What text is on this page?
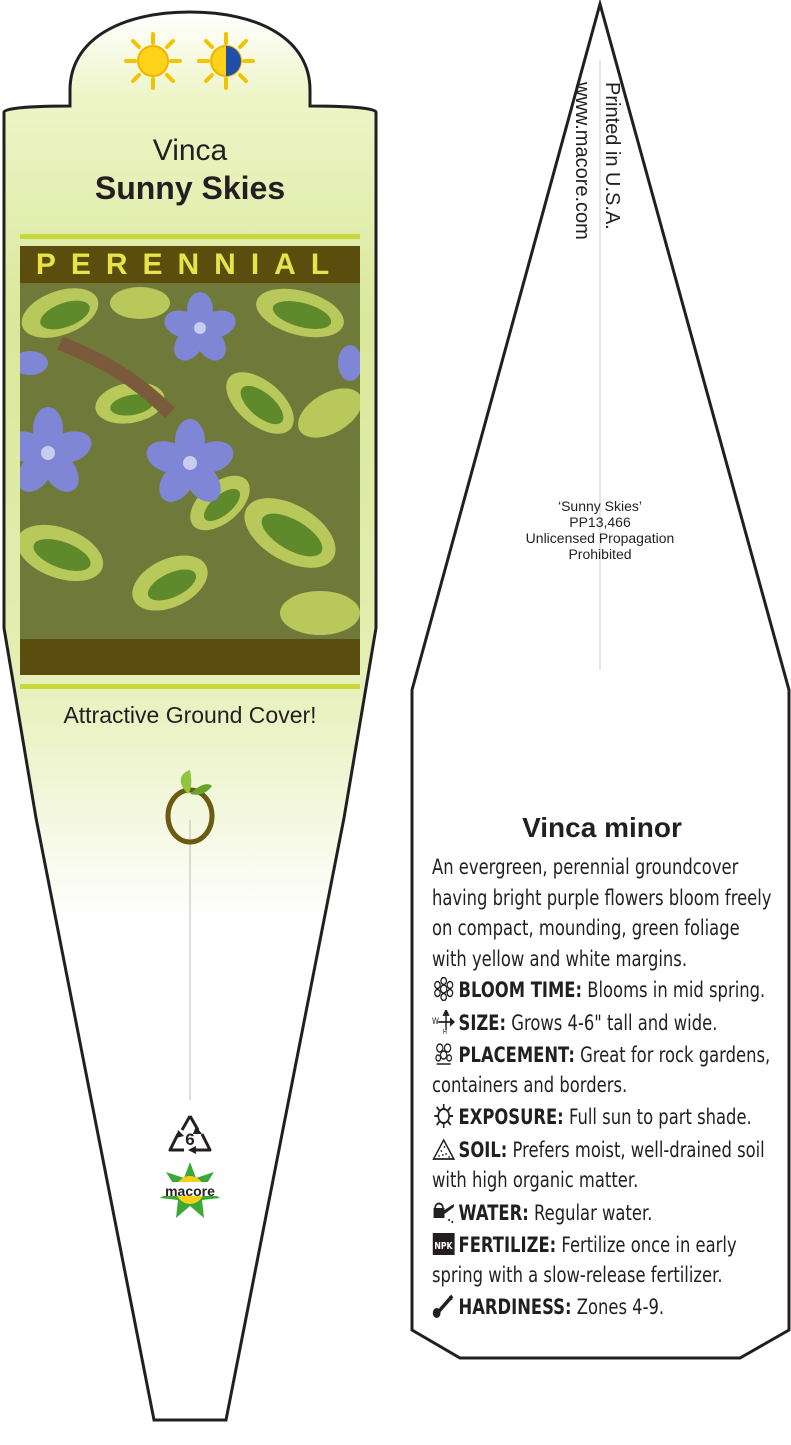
Vinca
Sunny Skies
PERENNIAL
Attractive Ground Cover!
6
macore
Printed in U.S.A.
www.macore.com
‘Sunny Skies’
PP13,466
Unlicensed Propagation
Prohibited
Vinca minor
An evergreen, perennial groundcover having bright purple flowers bloom freely on compact, mounding, green foliage with yellow and white margins.
BLOOM TIME: Blooms in mid spring.
W
H SIZE: Grows 4-6" tall and wide.
PLACEMENT: Great for rock gardens,
containers and borders.
EXPOSURE: Full sun to part shade.
SOIL: Prefers moist, well-drained soil
with high organic matter.
WATER: Regular water.
NPK FERTILIZE: Fertilize once in early
spring with a slow-release fertilizer.
HARDINESS: Zones 4-9.
